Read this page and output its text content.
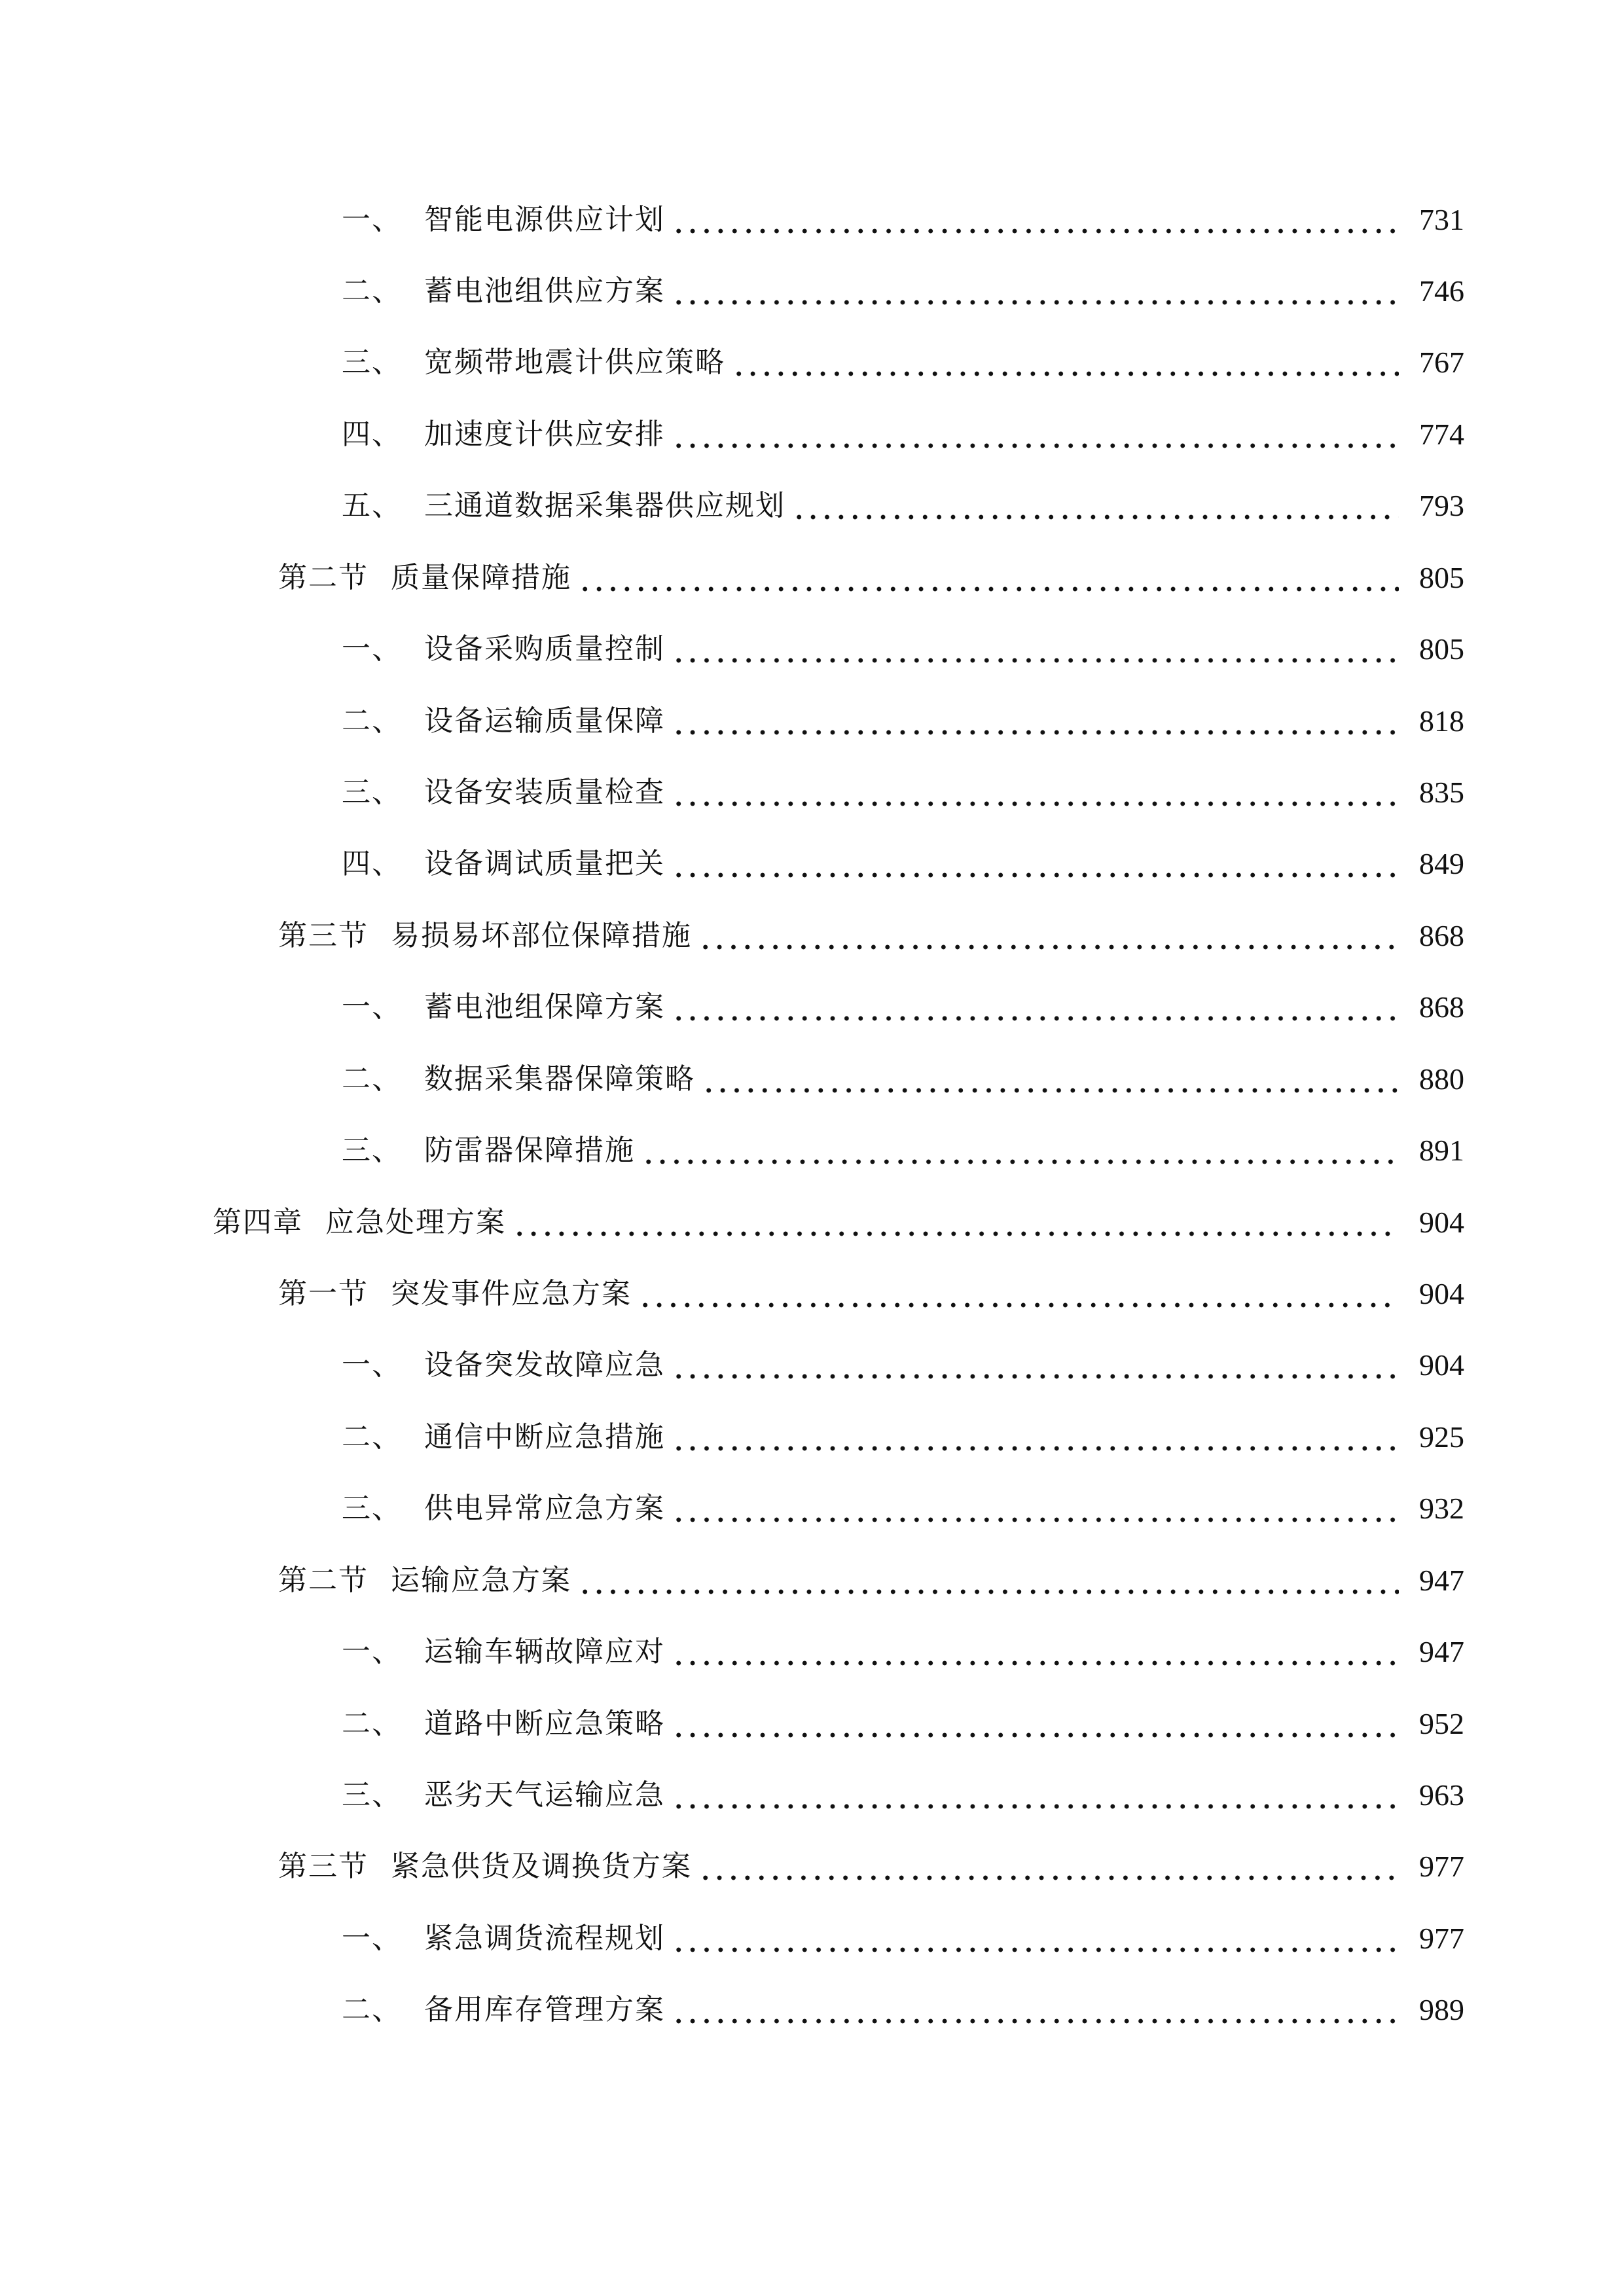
一、 智能电源供应计划	731
二、 蓄电池组供应方案	746
三、 宽频带地震计供应策略	767
四、 加速度计供应安排	774
五、 三通道数据采集器供应规划	793
第二节 质量保障措施	805
一、 设备采购质量控制	805
二、 设备运输质量保障	818
三、 设备安装质量检查	835
四、 设备调试质量把关	849
第三节 易损易坏部位保障措施	868
一、 蓄电池组保障方案	868
二、 数据采集器保障策略	880
三、 防雷器保障措施	891
第四章 应急处理方案	904
第一节 突发事件应急方案	904
一、 设备突发故障应急	904
二、 通信中断应急措施	925
三、 供电异常应急方案	932
第二节 运输应急方案	947
一、 运输车辆故障应对	947
二、 道路中断应急策略	952
三、 恶劣天气运输应急	963
第三节 紧急供货及调换货方案	977
一、 紧急调货流程规划	977
二、 备用库存管理方案	989
